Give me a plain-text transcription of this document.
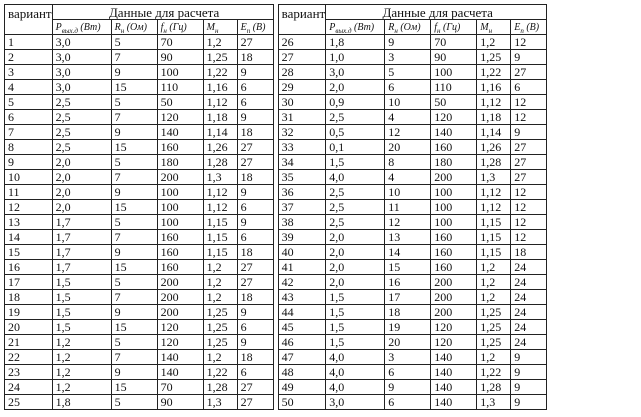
вариант	Данные для расчета				
	$P_{вых.д}$ (Вт)	$R_н$ (Ом)	$f_н$ (Гц)	$M_н$	$E_п$ (В)
1	3,0	5	70	1,2	27
2	3,0	7	90	1,25	18
3	3,0	9	100	1,22	9
4	3,0	15	110	1,16	6
5	2,5	5	50	1,12	6
6	2,5	7	120	1,18	9
7	2,5	9	140	1,14	18
8	2,5	15	160	1,26	27
9	2,0	5	180	1,28	27
10	2,0	7	200	1,3	18
11	2,0	9	100	1,12	9
12	2,0	15	100	1,12	6
13	1,7	5	100	1,15	9
14	1,7	7	160	1,15	6
15	1,7	9	160	1,15	18
16	1,7	15	160	1,2	27
17	1,5	5	200	1,2	27
18	1,5	7	200	1,2	18
19	1,5	9	200	1,25	9
20	1,5	15	120	1,25	6
21	1,2	5	120	1,25	9
22	1,2	7	140	1,2	18
23	1,2	9	140	1,22	6
24	1,2	15	70	1,28	27
25	1,8	5	90	1,3	27
вариант	Данные для расчета				
	$P_{вых.д}$ (Вт)	$R_н$ (Ом)	$f_н$ (Гц)	$M_н$	$E_п$ (В)
26	1,8	9	70	1,2	12
27	1,0	3	90	1,25	9
28	3,0	5	100	1,22	27
29	2,0	6	110	1,16	6
30	0,9	10	50	1,12	12
31	2,5	4	120	1,18	12
32	0,5	12	140	1,14	9
33	0,1	20	160	1,26	27
34	1,5	8	180	1,28	27
35	4,0	4	200	1,3	27
36	2,5	10	100	1,12	12
37	2,5	11	100	1,12	12
38	2,5	12	100	1,15	12
39	2,0	13	160	1,15	12
40	2,0	14	160	1,15	18
41	2,0	15	160	1,2	24
42	2,0	16	200	1,2	24
43	1,5	17	200	1,2	24
44	1,5	18	200	1,25	24
45	1,5	19	120	1,25	24
46	1,5	20	120	1,25	24
47	4,0	3	140	1,2	9
48	4,0	6	140	1,22	9
49	4,0	9	140	1,28	9
50	3,0	6	140	1,3	9
